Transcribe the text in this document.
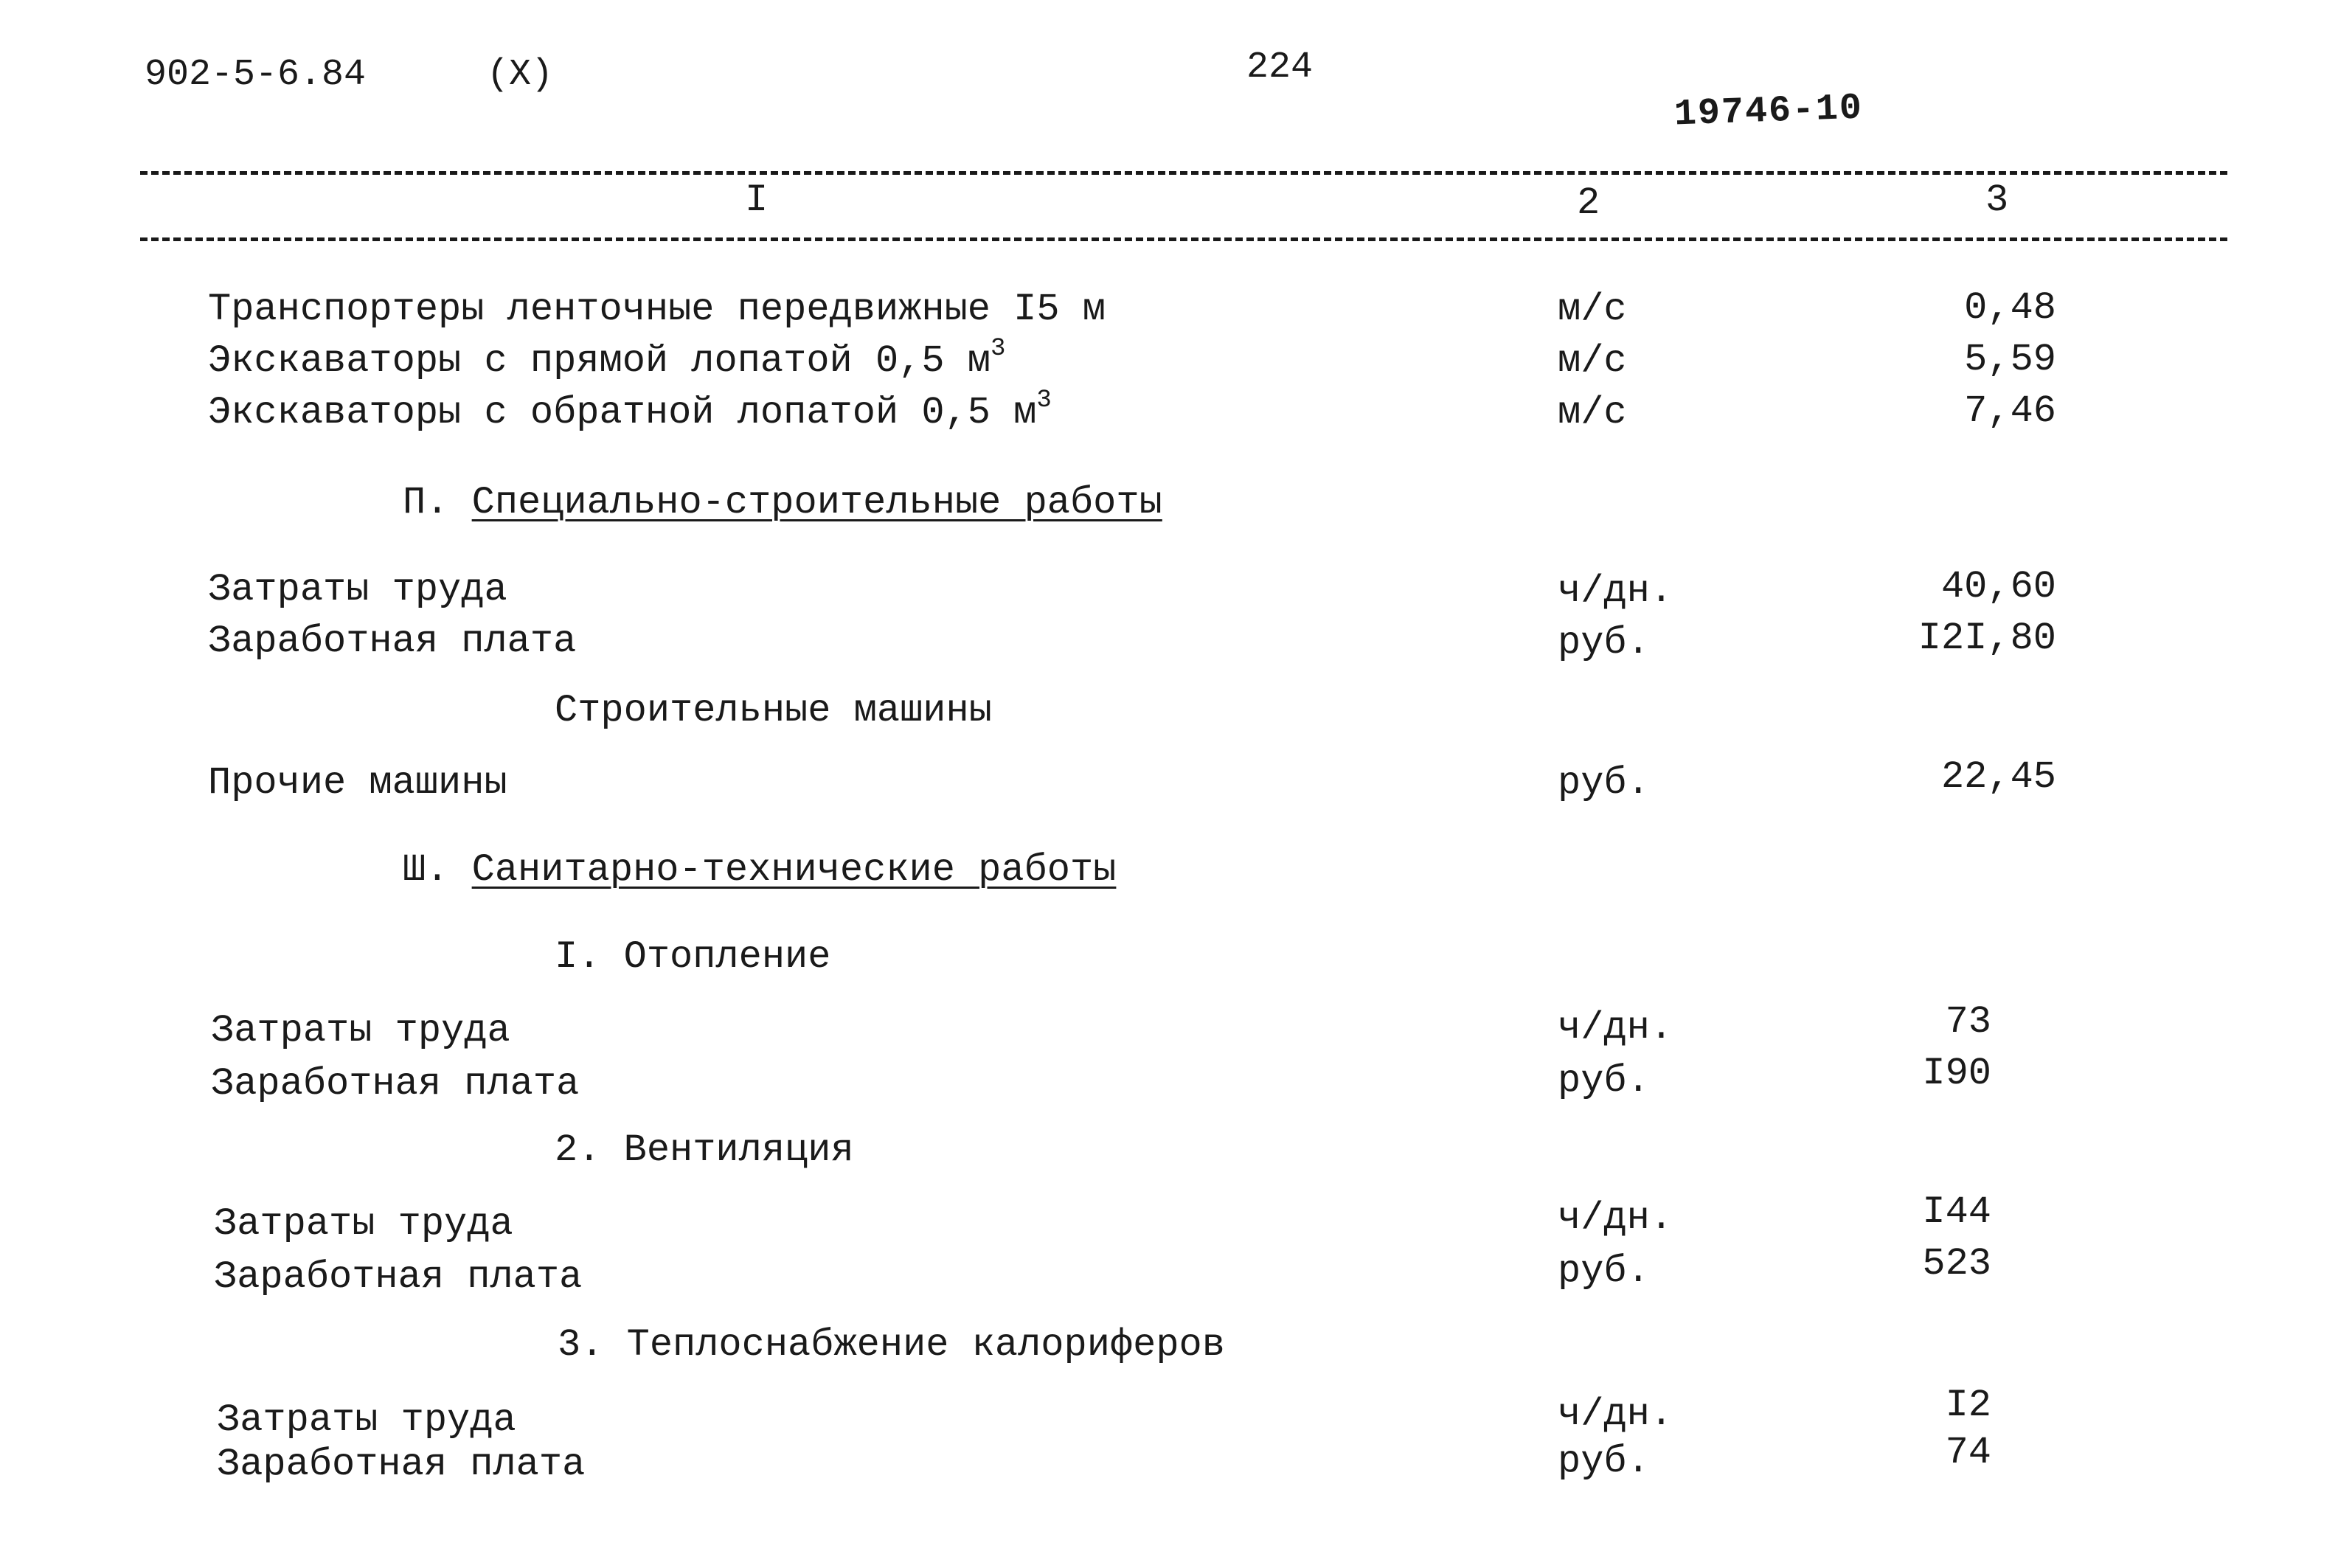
902-5-6.84	(X)	224
19746-10
I	2	3
Транспортеры ленточные передвижные I5 м	м/с	0,48
Экскаваторы с прямой лопатой 0,5 $м^3$	м/с	5,59
Экскаваторы с обратной лопатой 0,5 $м^3$	м/с	7,46
П. Специально-строительные работы
Затраты труда	ч/дн.	40,60
Заработная плата	руб.	I2I,80
Строительные машины
Прочие машины	руб.	22,45
Ш. Санитарно-технические работы
I. Отопление
Затраты труда	ч/дн.	73
Заработная плата	руб.	I90
2. Вентиляция
Затраты труда	ч/дн.	I44
Заработная плата	руб.	523
3. Теплоснабжение калориферов
Затраты труда	ч/дн.	I2
Заработная плата	руб.	74
